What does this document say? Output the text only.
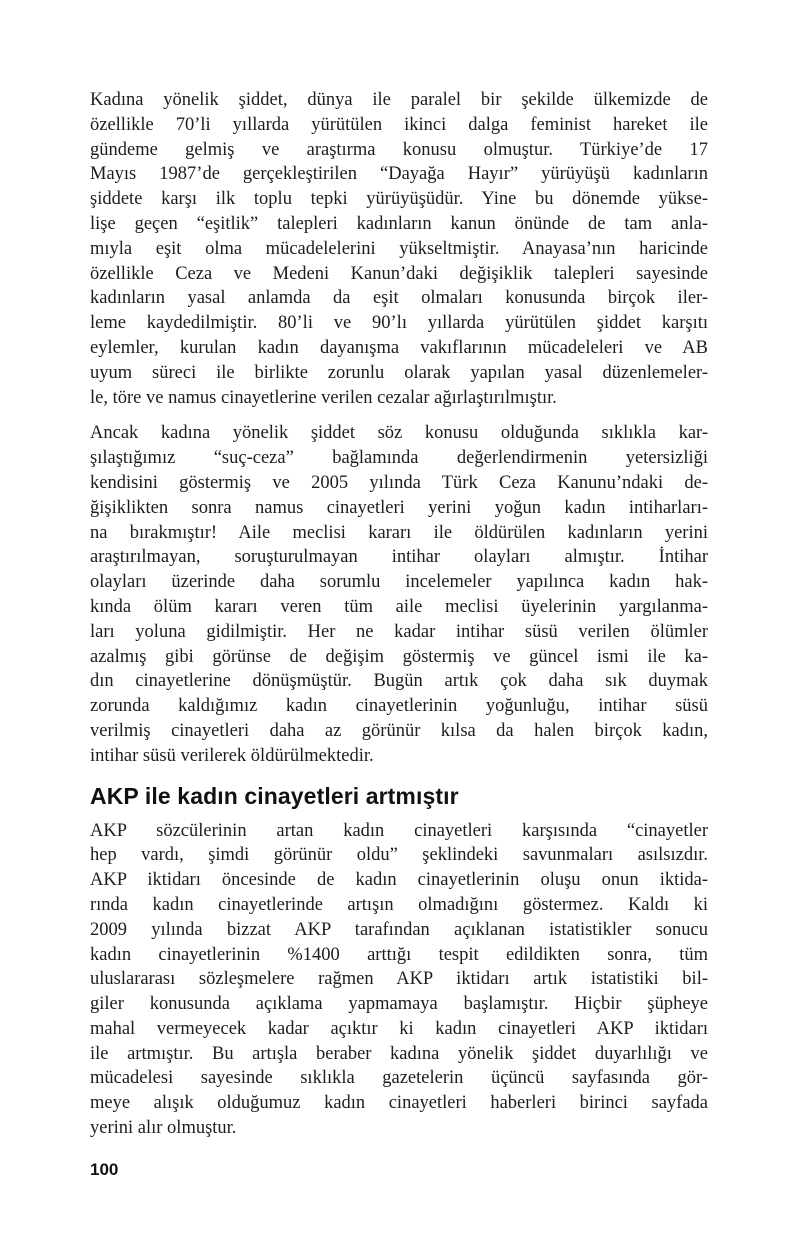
Kadına yönelik şiddet, dünya ile paralel bir şekilde ülkemizde de
özellikle 70’li yıllarda yürütülen ikinci dalga feminist hareket ile
gündeme gelmiş ve araştırma konusu olmuştur. Türkiye’de 17
Mayıs 1987’de gerçekleştirilen “Dayağa Hayır” yürüyüşü kadınların
şiddete karşı ilk toplu tepki yürüyüşüdür. Yine bu dönemde yükse-
lişe geçen “eşitlik” talepleri kadınların kanun önünde de tam anla-
mıyla eşit olma mücadelelerini yükseltmiştir. Anayasa’nın haricinde
özellikle Ceza ve Medeni Kanun’daki değişiklik talepleri sayesinde
kadınların yasal anlamda da eşit olmaları konusunda birçok iler-
leme kaydedilmiştir. 80’li ve 90’lı yıllarda yürütülen şiddet karşıtı
eylemler, kurulan kadın dayanışma vakıflarının mücadeleleri ve AB
uyum süreci ile birlikte zorunlu olarak yapılan yasal düzenlemeler-
le, töre ve namus cinayetlerine verilen cezalar ağırlaştırılmıştır.
Ancak kadına yönelik şiddet söz konusu olduğunda sıklıkla kar-
şılaştığımız “suç-ceza” bağlamında değerlendirmenin yetersizliği
kendisini göstermiş ve 2005 yılında Türk Ceza Kanunu’ndaki de-
ğişiklikten sonra namus cinayetleri yerini yoğun kadın intiharları-
na bırakmıştır! Aile meclisi kararı ile öldürülen kadınların yerini
araştırılmayan, soruşturulmayan intihar olayları almıştır. İntihar
olayları üzerinde daha sorumlu incelemeler yapılınca kadın hak-
kında ölüm kararı veren tüm aile meclisi üyelerinin yargılanma-
ları yoluna gidilmiştir. Her ne kadar intihar süsü verilen ölümler
azalmış gibi görünse de değişim göstermiş ve güncel ismi ile ka-
dın cinayetlerine dönüşmüştür. Bugün artık çok daha sık duymak
zorunda kaldığımız kadın cinayetlerinin yoğunluğu, intihar süsü
verilmiş cinayetleri daha az görünür kılsa da halen birçok kadın,
intihar süsü verilerek öldürülmektedir.
AKP ile kadın cinayetleri artmıştır
AKP sözcülerinin artan kadın cinayetleri karşısında “cinayetler
hep vardı, şimdi görünür oldu” şeklindeki savunmaları asılsızdır.
AKP iktidarı öncesinde de kadın cinayetlerinin oluşu onun iktida-
rında kadın cinayetlerinde artışın olmadığını göstermez. Kaldı ki
2009 yılında bizzat AKP tarafından açıklanan istatistikler sonucu
kadın cinayetlerinin %1400 arttığı tespit edildikten sonra, tüm
uluslararası sözleşmelere rağmen AKP iktidarı artık istatistiki bil-
giler konusunda açıklama yapmamaya başlamıştır. Hiçbir şüpheye
mahal vermeyecek kadar açıktır ki kadın cinayetleri AKP iktidarı
ile artmıştır. Bu artışla beraber kadına yönelik şiddet duyarlılığı ve
mücadelesi sayesinde sıklıkla gazetelerin üçüncü sayfasında gör-
meye alışık olduğumuz kadın cinayetleri haberleri birinci sayfada
yerini alır olmuştur.
100
